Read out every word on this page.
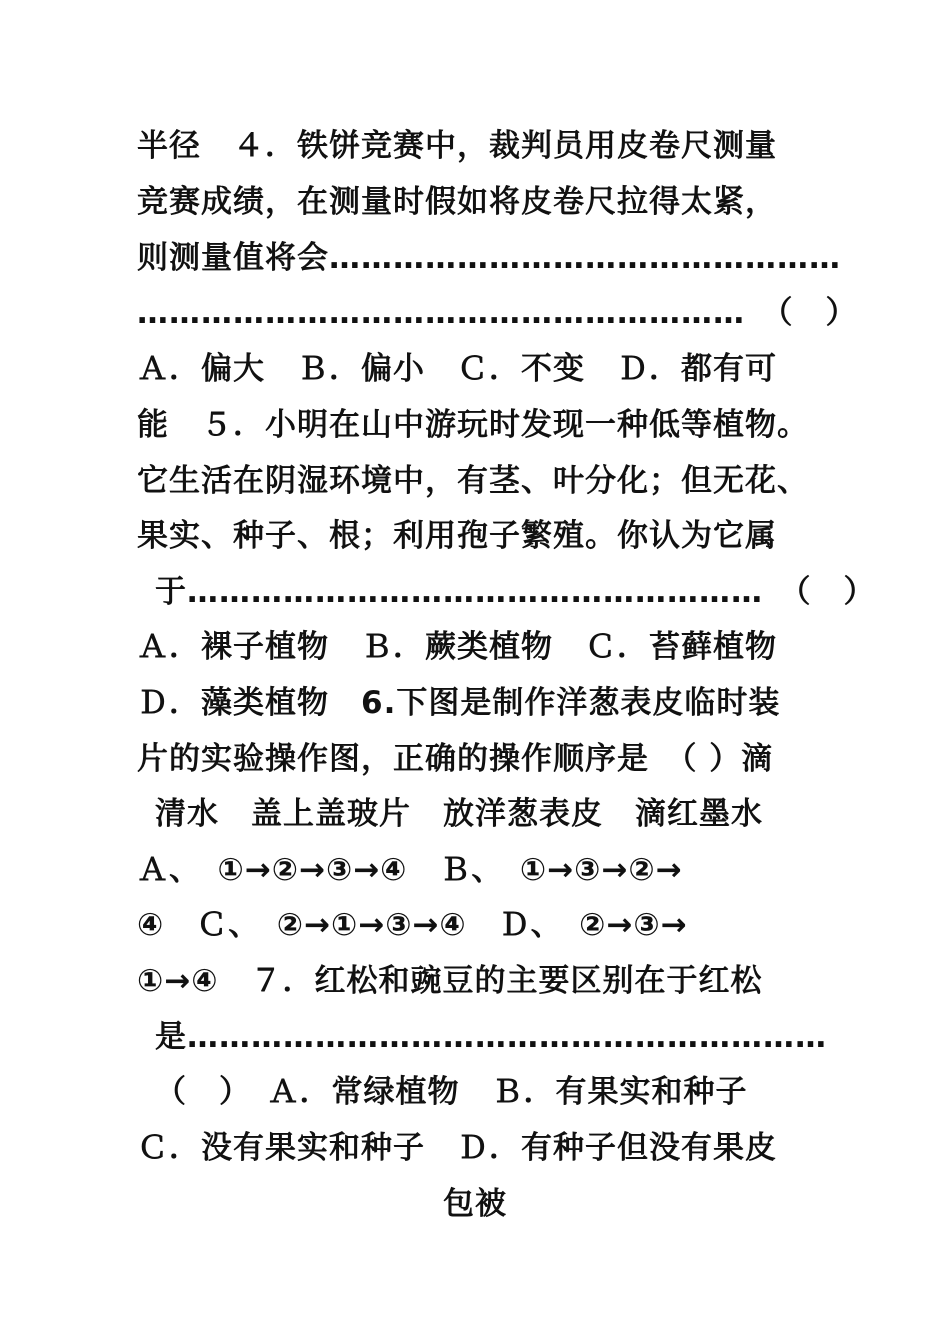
半径　４．铁饼竞赛中，裁判员用皮卷尺测量
竞赛成绩，在测量时假如将皮卷尺拉得太紧，
则测量值将会…………………………………………
…………………………………………………　（　）
Ａ．偏大　Ｂ．偏小　Ｃ．不变　Ｄ．都有可
能　５．小明在山中游玩时发现一种低等植物。
它生活在阴湿环境中，有茎、叶分化；但无花、
果实、种子、根；利用孢子繁殖。你认为它属
于………………………………………………　（　）
Ａ．裸子植物　Ｂ．蕨类植物　Ｃ．苔藓植物
Ｄ．藻类植物　6.下图是制作洋葱表皮临时装
片的实验操作图，正确的操作顺序是　（ ）滴
清水　盖上盖玻片　放洋葱表皮　滴红墨水
Ａ、　①→②→③→④　Ｂ、　①→③→②→
④　Ｃ、　②→①→③→④　Ｄ、　②→③→
①→④　７．红松和豌豆的主要区别在于红松
是……………………………………………………
（　）　Ａ．常绿植物　Ｂ．有果实和种子
Ｃ．没有果实和种子　Ｄ．有种子但没有果皮
包被
